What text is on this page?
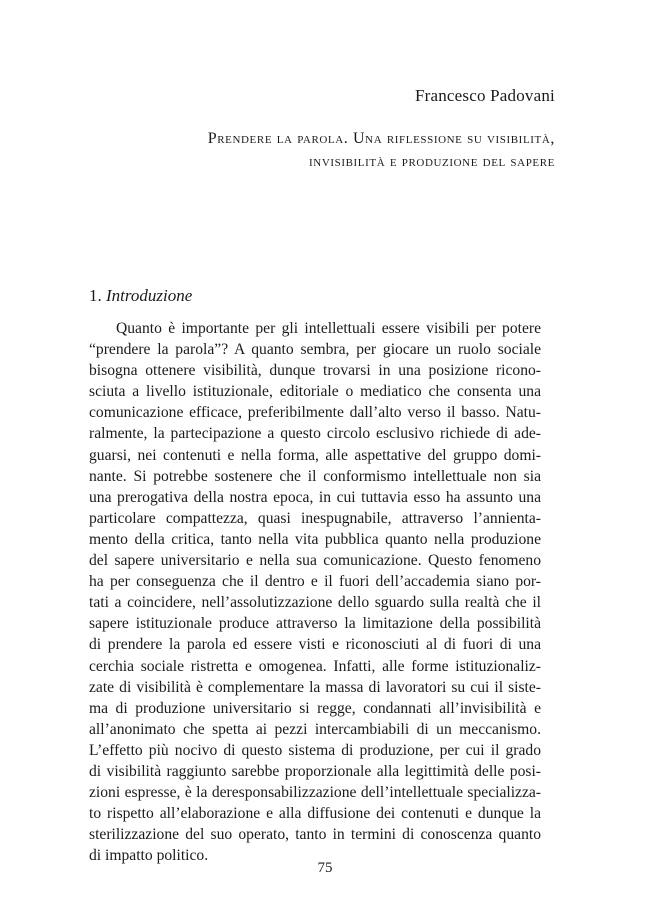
Francesco Padovani
Prendere la parola. Una riflessione su visibilità,
invisibilità e produzione del sapere
1. Introduzione
Quanto è importante per gli intellettuali essere visibili per potere
“prendere la parola”? A quanto sembra, per giocare un ruolo sociale
bisogna ottenere visibilità, dunque trovarsi in una posizione ricono-
sciuta a livello istituzionale, editoriale o mediatico che consenta una
comunicazione efficace, preferibilmente dall’alto verso il basso. Natu-
ralmente, la partecipazione a questo circolo esclusivo richiede di ade-
guarsi, nei contenuti e nella forma, alle aspettative del gruppo domi-
nante. Si potrebbe sostenere che il conformismo intellettuale non sia
una prerogativa della nostra epoca, in cui tuttavia esso ha assunto una
particolare compattezza, quasi inespugnabile, attraverso l’annienta-
mento della critica, tanto nella vita pubblica quanto nella produzione
del sapere universitario e nella sua comunicazione. Questo fenomeno
ha per conseguenza che il dentro e il fuori dell’accademia siano por-
tati a coincidere, nell’assolutizzazione dello sguardo sulla realtà che il
sapere istituzionale produce attraverso la limitazione della possibilità
di prendere la parola ed essere visti e riconosciuti al di fuori di una
cerchia sociale ristretta e omogenea. Infatti, alle forme istituzionaliz-
zate di visibilità è complementare la massa di lavoratori su cui il siste-
ma di produzione universitario si regge, condannati all’invisibilità e
all’anonimato che spetta ai pezzi intercambiabili di un meccanismo.
L’effetto più nocivo di questo sistema di produzione, per cui il grado
di visibilità raggiunto sarebbe proporzionale alla legittimità delle posi-
zioni espresse, è la deresponsabilizzazione dell’intellettuale specializza-
to rispetto all’elaborazione e alla diffusione dei contenuti e dunque la
sterilizzazione del suo operato, tanto in termini di conoscenza quanto
di impatto politico.
75
